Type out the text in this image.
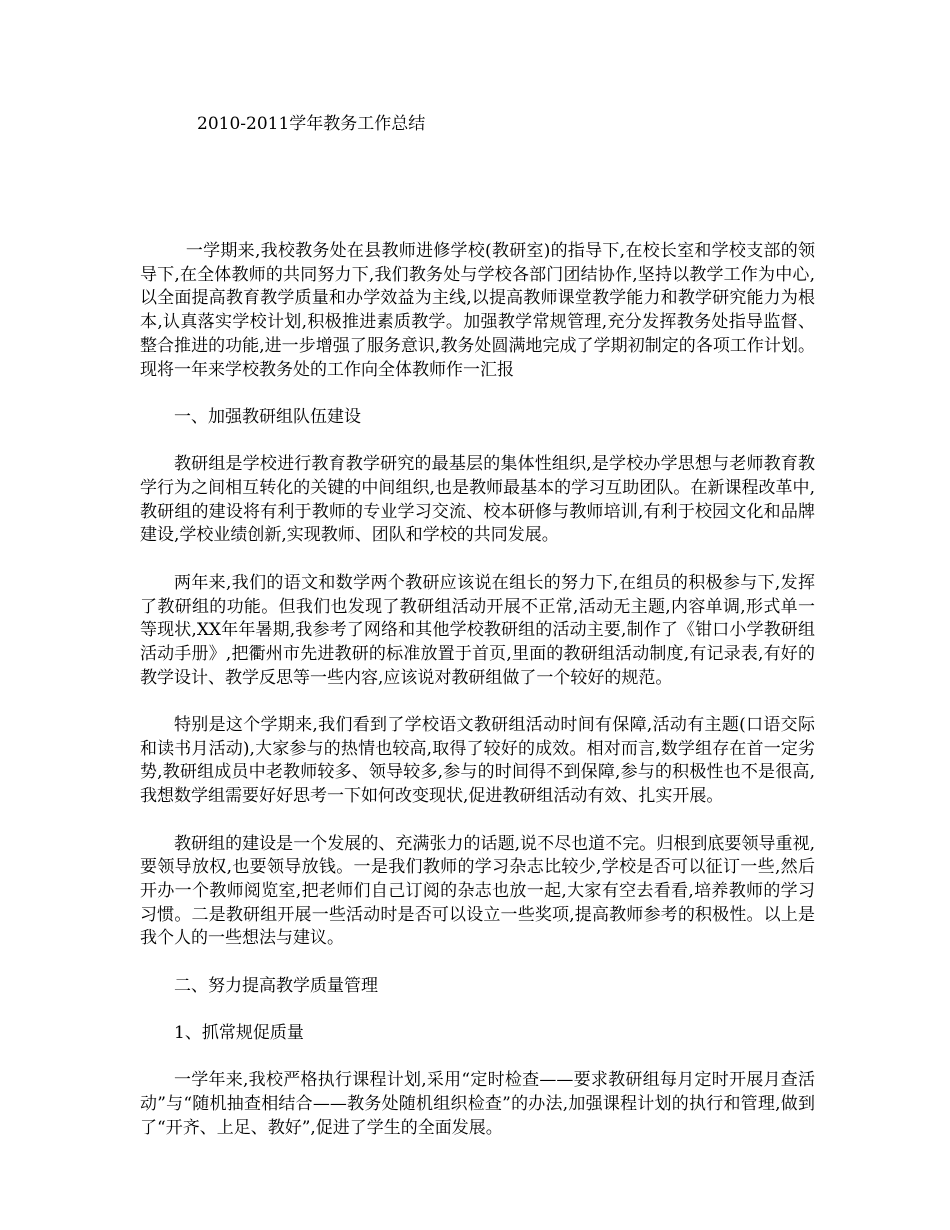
2010-2011学年教务工作总结

一学期来,我校教务处在县教师进修学校(教研室)的指导下,在校长室和学校支部的领导下,在全体教师的共同努力下,我们教务处与学校各部门团结协作,坚持以教学工作为中心,以全面提高教育教学质量和办学效益为主线,以提高教师课堂教学能力和教学研究能力为根本,认真落实学校计划,积极推进素质教学。加强教学常规管理,充分发挥教务处指导监督、整合推进的功能,进一步增强了服务意识,教务处圆满地完成了学期初制定的各项工作计划。现将一年来学校教务处的工作向全体教师作一汇报

一、加强教研组队伍建设

教研组是学校进行教育教学研究的最基层的集体性组织,是学校办学思想与老师教育教学行为之间相互转化的关键的中间组织,也是教师最基本的学习互助团队。在新课程改革中,教研组的建设将有利于教师的专业学习交流、校本研修与教师培训,有利于校园文化和品牌建设,学校业绩创新,实现教师、团队和学校的共同发展。

两年来,我们的语文和数学两个教研应该说在组长的努力下,在组员的积极参与下,发挥了教研组的功能。但我们也发现了教研组活动开展不正常,活动无主题,内容单调,形式单一等现状,XX年年暑期,我参考了网络和其他学校教研组的活动主要,制作了《钳口小学教研组活动手册》,把衢州市先进教研的标准放置于首页,里面的教研组活动制度,有记录表,有好的教学设计、教学反思等一些内容,应该说对教研组做了一个较好的规范。

特别是这个学期来,我们看到了学校语文教研组活动时间有保障,活动有主题(口语交际和读书月活动),大家参与的热情也较高,取得了较好的成效。相对而言,数学组存在首一定劣势,教研组成员中老教师较多、领导较多,参与的时间得不到保障,参与的积极性也不是很高,我想数学组需要好好思考一下如何改变现状,促进教研组活动有效、扎实开展。

教研组的建设是一个发展的、充满张力的话题,说不尽也道不完。归根到底要领导重视,要领导放权,也要领导放钱。一是我们教师的学习杂志比较少,学校是否可以征订一些,然后开办一个教师阅览室,把老师们自己订阅的杂志也放一起,大家有空去看看,培养教师的学习习惯。二是教研组开展一些活动时是否可以设立一些奖项,提高教师参考的积极性。以上是我个人的一些想法与建议。

二、努力提高教学质量管理
1、抓常规促质量

一学年来,我校严格执行课程计划,采用“定时检查——要求教研组每月定时开展月查活动”与“随机抽查相结合——教务处随机组织检查”的办法,加强课程计划的执行和管理,做到了“开齐、上足、教好”,促进了学生的全面发展。
